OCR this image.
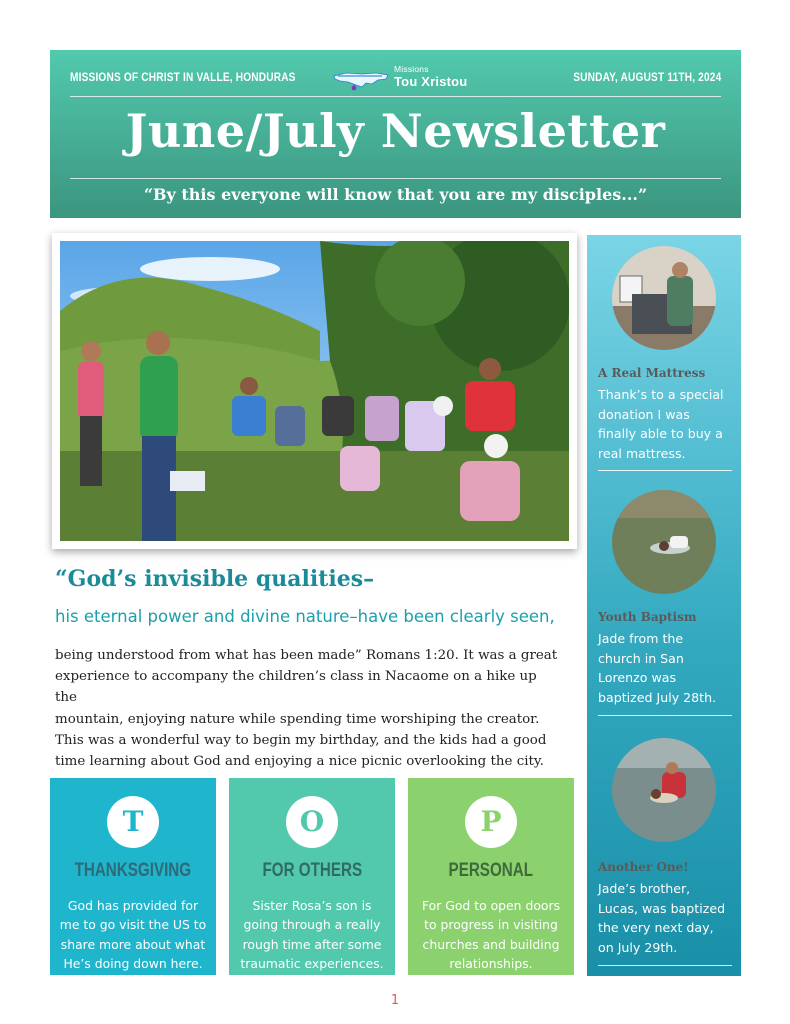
MISSIONS OF CHRIST IN VALLE, HONDURAS
Missions
Tou Xristou	SUNDAY, AUGUST 11TH, 2024
June/July Newsletter
“By this everyone will know that you are my disciples...”
“God’s invisible qualities–
his eternal power and divine nature–have been clearly seen,
being understood from what has been made” Romans 1:20. It was a great
experience to accompany the children’s class in Nacaome on a hike up the
mountain, enjoying nature while spending time worshiping the creator.
This was a wonderful way to begin my birthday, and the kids had a good
time learning about God and enjoying a nice picnic overlooking the city.
T
THANKSGIVING
God has provided for
me to go visit the US to
share more about what
He’s doing down here.
O
FOR OTHERS
Sister Rosa’s son is
going through a really
rough time after some
traumatic experiences.
P
PERSONAL
For God to open doors
to progress in visiting
churches and building
relationships.
A Real Mattress
Thank’s to a special
donation I was
finally able to buy a
real mattress.
Youth Baptism
Jade from the
church in San
Lorenzo was
baptized July 28th.
Another One!
Jade’s brother,
Lucas, was baptized
the very next day,
on July 29th.
1
